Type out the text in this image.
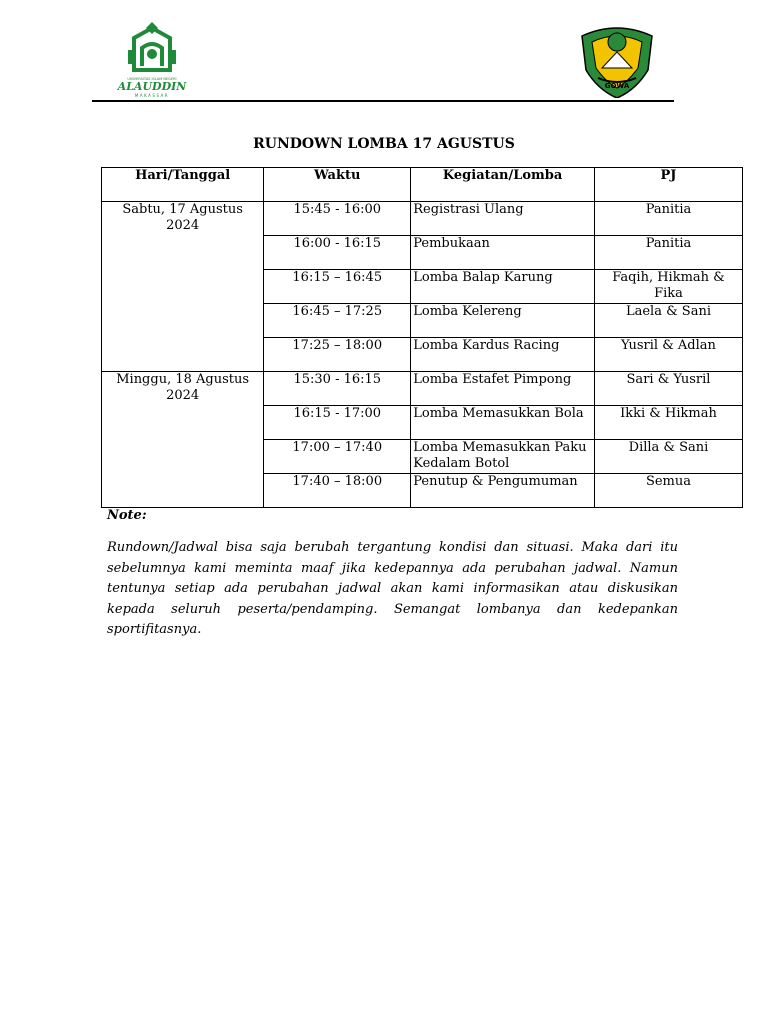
UNIVERSITAS ISLAM NEGERI
ALAUDDIN
MAKASSAR
GOWA
RUNDOWN LOMBA 17 AGUSTUS
Hari/Tanggal	Waktu	Kegiatan/Lomba	PJ
Sabtu, 17 Agustus 2024	15:45 - 16:00	Registrasi Ulang	Panitia
	16:00 - 16:15	Pembukaan	Panitia
	16:15 – 16:45	Lomba Balap Karung	Faqih, Hikmah & Fika
	16:45 – 17:25	Lomba Kelereng	Laela & Sani
	17:25 – 18:00	Lomba Kardus Racing	Yusril & Adlan
Minggu, 18 Agustus 2024	15:30 - 16:15	Lomba Estafet Pimpong	Sari & Yusril
	16:15 - 17:00	Lomba Memasukkan Bola	Ikki & Hikmah
	17:00 – 17:40	Lomba Memasukkan Paku Kedalam Botol	Dilla & Sani
	17:40 – 18:00	Penutup & Pengumuman	Semua
Note:
Rundown/Jadwal bisa saja berubah tergantung kondisi dan situasi. Maka dari itu sebelumnya kami meminta maaf jika kedepannya ada perubahan jadwal. Namun tentunya setiap ada perubahan jadwal akan kami informasikan atau diskusikan kepada seluruh peserta/pendamping. Semangat lombanya dan kedepankan sportifitasnya.
